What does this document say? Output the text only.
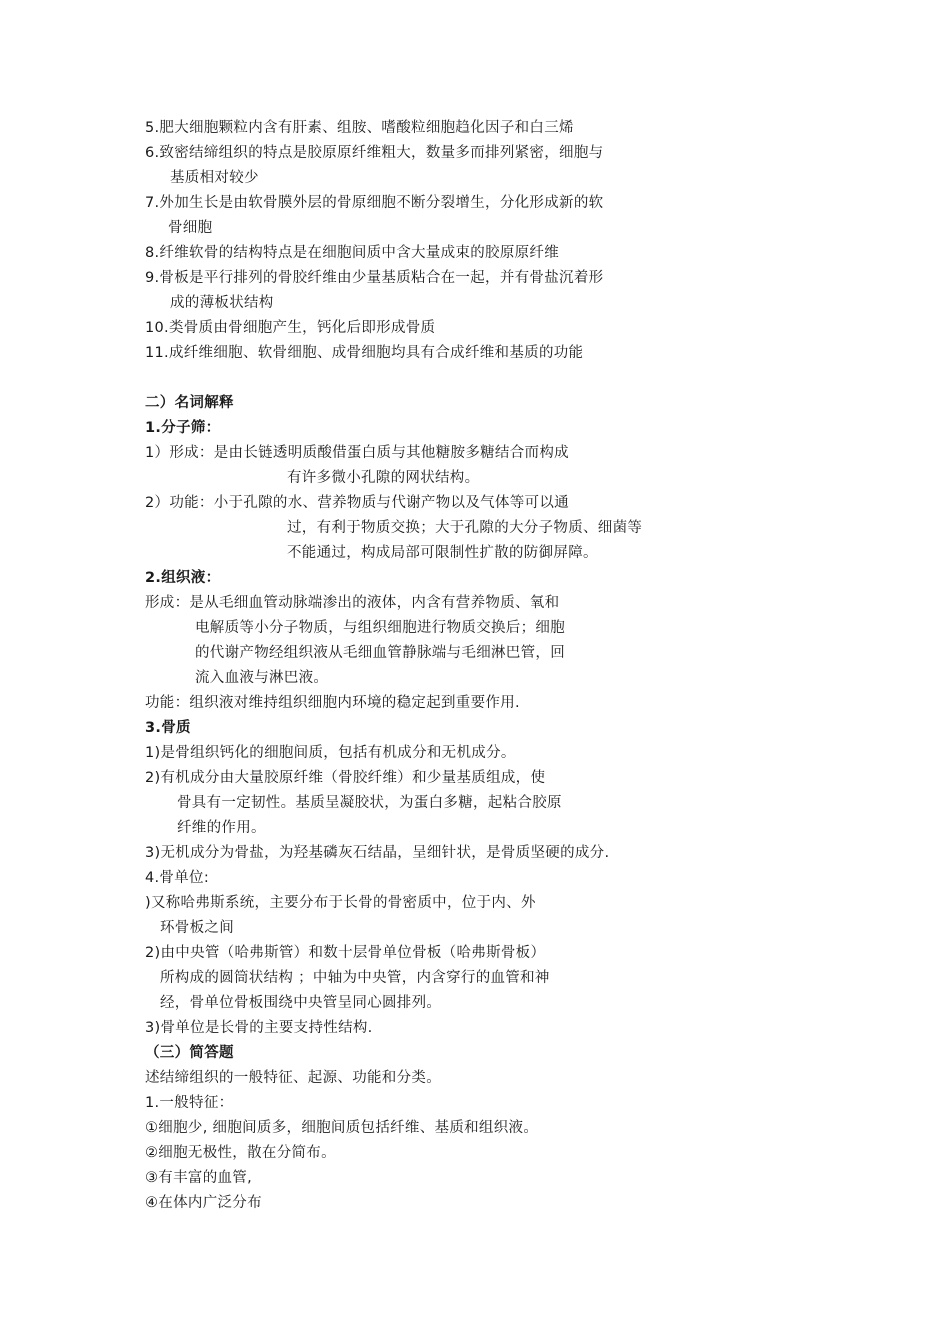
5.肥大细胞颗粒内含有肝素、组胺、嗜酸粒细胞趋化因子和白三烯
6.致密结缔组织的特点是胶原原纤维粗大，数量多而排列紧密，细胞与
基质相对较少
7.外加生长是由软骨膜外层的骨原细胞不断分裂增生，分化形成新的软
骨细胞
8.纤维软骨的结构特点是在细胞间质中含大量成束的胶原原纤维
9.骨板是平行排列的骨胶纤维由少量基质粘合在一起，并有骨盐沉着形
成的薄板状结构
10.类骨质由骨细胞产生，钙化后即形成骨质
11.成纤维细胞、软骨细胞、成骨细胞均具有合成纤维和基质的功能
二）名词解释
1.分子筛：
1）形成：是由长链透明质酸借蛋白质与其他糖胺多糖结合而构成
有许多微小孔隙的网状结构。
2）功能：小于孔隙的水、营养物质与代谢产物以及气体等可以通
过，有利于物质交换；大于孔隙的大分子物质、细菌等
不能通过，构成局部可限制性扩散的防御屏障。
2.组织液：
形成：是从毛细血管动脉端渗出的液体，内含有营养物质、氧和
电解质等小分子物质，与组织细胞进行物质交换后；细胞
的代谢产物经组织液从毛细血管静脉端与毛细淋巴管，回
流入血液与淋巴液。
功能：组织液对维持组织细胞内环境的稳定起到重要作用.
3.骨质
1)是骨组织钙化的细胞间质，包括有机成分和无机成分。
2)有机成分由大量胶原纤维（骨胶纤维）和少量基质组成，使
骨具有一定韧性。基质呈凝胶状，为蛋白多糖，起粘合胶原
纤维的作用。
3)无机成分为骨盐，为羟基磷灰石结晶，呈细针状，是骨质坚硬的成分.
4.骨单位:
)又称哈弗斯系统，主要分布于长骨的骨密质中，位于内、外
环骨板之间
2)由中央管（哈弗斯管）和数十层骨单位骨板（哈弗斯骨板）
所构成的圆筒状结构 ；中轴为中央管，内含穿行的血管和神
经，骨单位骨板围绕中央管呈同心圆排列。
3)骨单位是长骨的主要支持性结构.
（三）简答题
述结缔组织的一般特征、起源、功能和分类。
1.一般特征：
①细胞少, 细胞间质多，细胞间质包括纤维、基质和组织液。
②细胞无极性，散在分简布。
③有丰富的血管,
④在体内广泛分布
